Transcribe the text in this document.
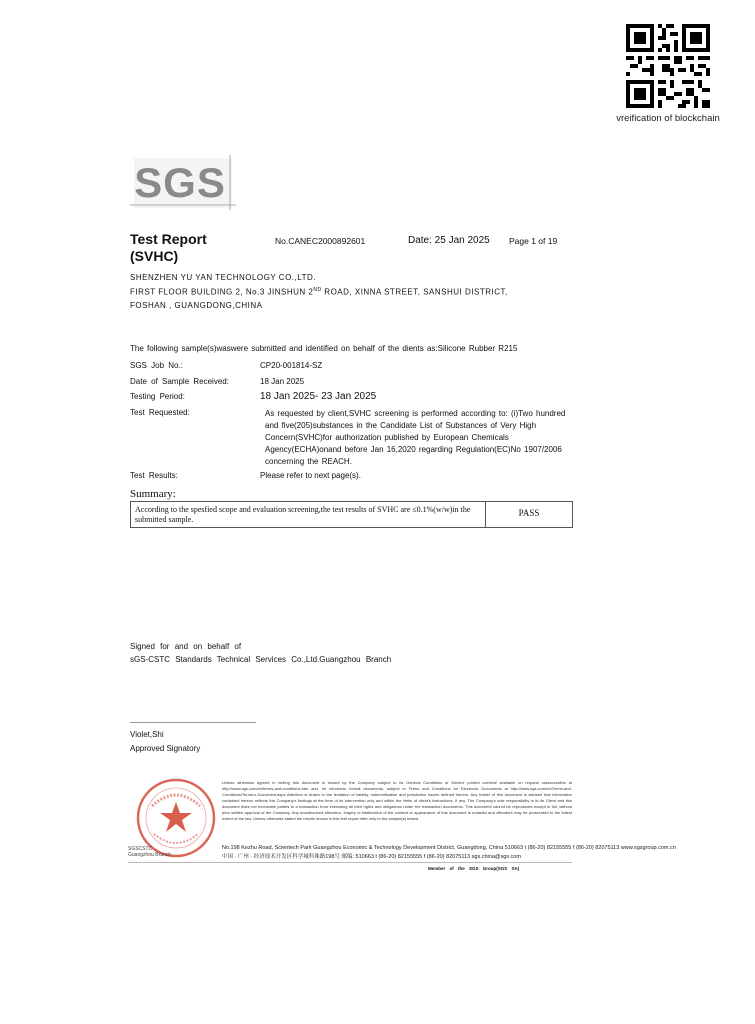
vreification of blockchain
SGS
Test Report
(SVHC)
No.CANEC2000892601	Date: 25 Jan 2025 Page 1 of 19
SHENZHEN YU YAN TECHNOLOGY CO.,LTD.
FIRST FLOOR BUILDING 2, No.3 JINSHUN 2ND ROAD, XINNA STREET, SANSHUI DISTRICT,
FOSHAN , GUANGDONG,CHINA
The following sample(s)waswere submitted and identified on behalf of the dients as:Silicone Rubber R215
SGS Job No.:	CP20-001814-SZ
Date of Sample Received:	18 Jan 2025
Testing Period:	18 Jan 2025- 23 Jan 2025
Test Requested:	As requested by client,SVHC screening is performed according to: (i)Two hundred and five(205)substances in the Candidate List of Substances of Very High Concern(SVHC)for authorization published by European Chemicals Agency(ECHA)onand before Jan 16,2020 regarding Regulation(EC)No 1907/2006 concerning the REACH.
Test Results:	Please refer to next page(s).
Summary:
According to the spesfied scope and evaluation screening,the test results of SVHC are ≤0.1%(w/w)in the submitted sample.
PASS
Signed for and on behalf of
sGS-CSTC Standards Technical Services Co.,Ltd.Guangzhou Branch
Violet,Shi
Approved Signatory
SGSCSTC
Guangzhou Branch
Unless otherwise agreed in writing this document is issued by the Company subject to its General Conditions of Service printed overleaf available on request orasccessiblo at http://www.sgs.com/en/terms-and-conditions.htm and, for electronic format documents, subject to Terms and Conditions for Electronic Documents at http://www.sgs.com/en/Terms-and-Conditions/Terms-e-Document.aspx Attention is drawn to the limitation of liability, indemnification and jurisdiction issues defined therein. Any holder of this document is advised that information contained hereon reflects the Company's findings at the time of its intervention only and within the limits of client's instructions, if any. The Company's sole responsibility is to its Client and this document does not exonerate parties to a transaction from exercising all their rights and obligations under the transaction documents. This document cannot be reproduced except in full, without prior written approval of the Company. Any unauthorized alteration, forgery or falsification of the content or appearance of this document is unlawful and offenders may be prosecuted to the fullest extent of the law. Unless otherwise stated the results shown in this test report refer only to the sample(s) tested.
No.198 Kezhu Road, Scientech Park Guangzhou Economic & Technology Development District, Guangdong, China 510663 t (86-20) 82155555 f (86-20) 82075113 www.sgsgroup.com.cn
中国 · 广州 · 经济技术开发区科学城科珠路198号 邮编: 510663 t (86-20) 82155555 f (86-20) 82075113 sgs.china@sgs.com
Member of the SGS Group(SGS SA)
